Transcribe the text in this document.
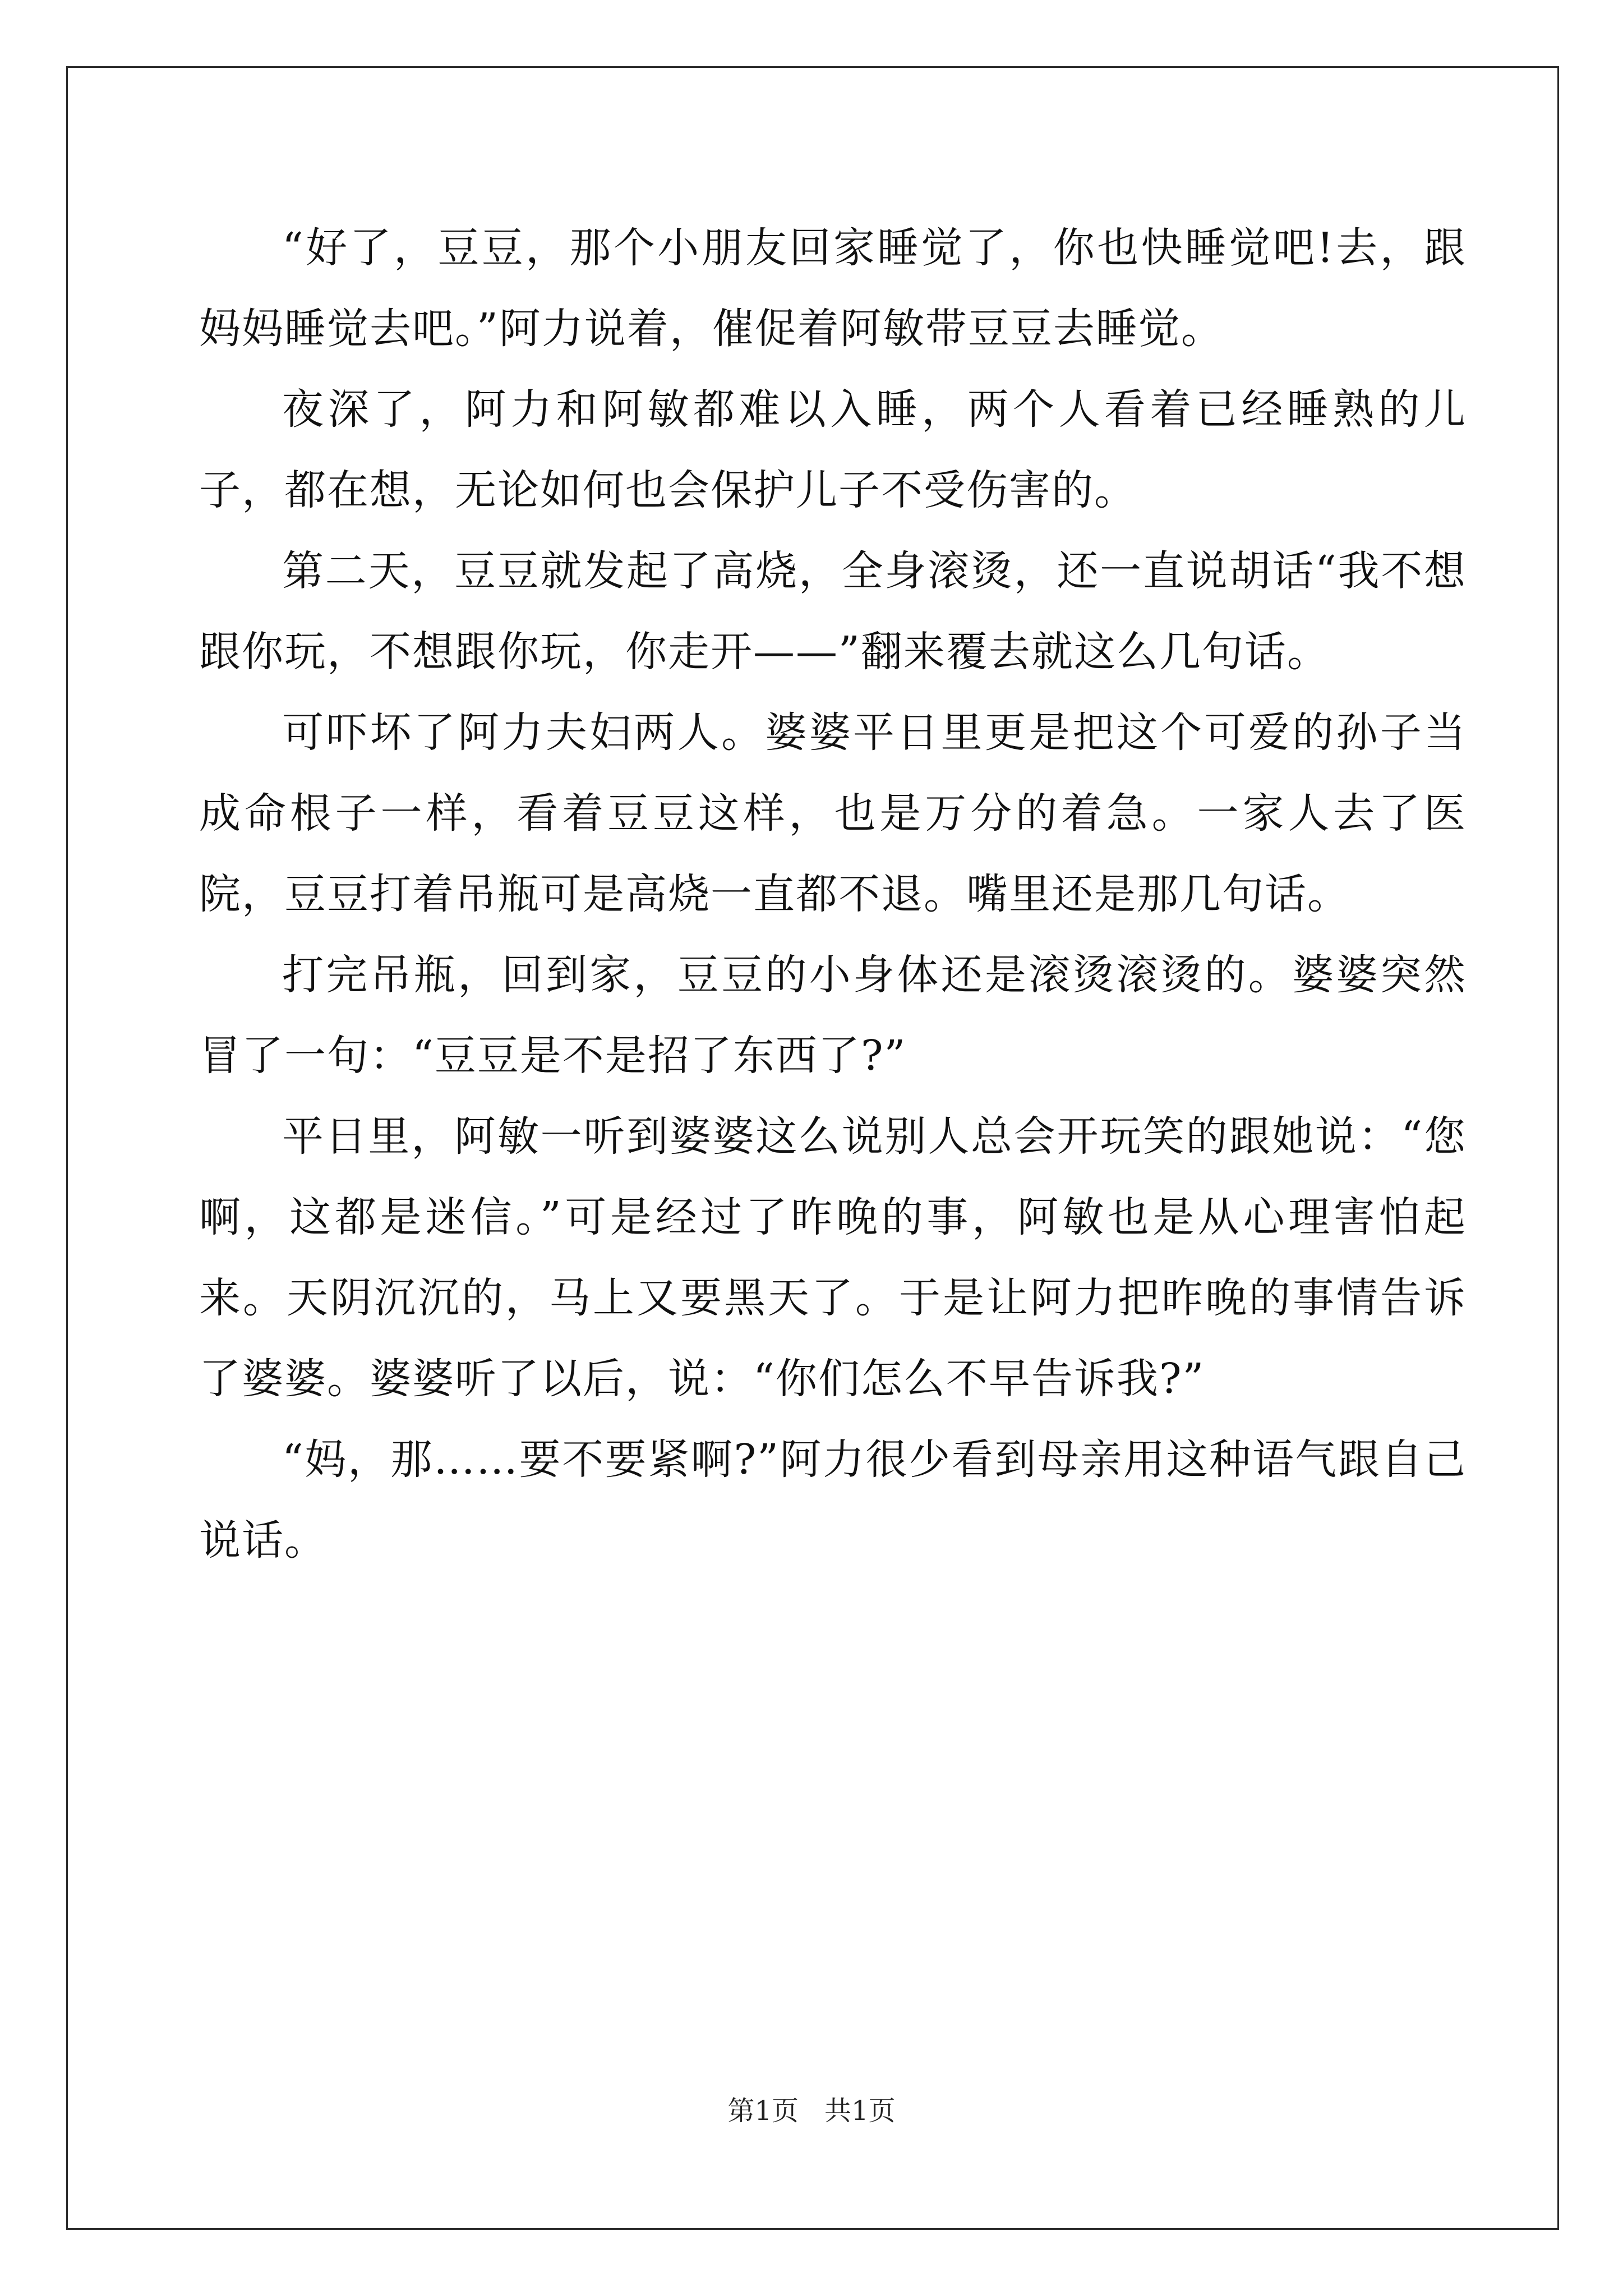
“好了，豆豆，那个小朋友回家睡觉了，你也快睡觉吧!去，跟妈妈睡觉去吧。”阿力说着，催促着阿敏带豆豆去睡觉。

夜深了，阿力和阿敏都难以入睡，两个人看着已经睡熟的儿子，都在想，无论如何也会保护儿子不受伤害的。

第二天，豆豆就发起了高烧，全身滚烫，还一直说胡话“我不想跟你玩，不想跟你玩，你走开——”翻来覆去就这么几句话。

可吓坏了阿力夫妇两人。婆婆平日里更是把这个可爱的孙子当成命根子一样，看着豆豆这样，也是万分的着急。一家人去了医院，豆豆打着吊瓶可是高烧一直都不退。嘴里还是那几句话。

打完吊瓶，回到家，豆豆的小身体还是滚烫滚烫的。婆婆突然冒了一句：“豆豆是不是招了东西了?”

平日里，阿敏一听到婆婆这么说别人总会开玩笑的跟她说：“您啊，这都是迷信。”可是经过了昨晚的事，阿敏也是从心理害怕起来。天阴沉沉的，马上又要黑天了。于是让阿力把昨晚的事情告诉了婆婆。婆婆听了以后，说：“你们怎么不早告诉我?”

“妈，那……要不要紧啊?”阿力很少看到母亲用这种语气跟自己说话。

第1页 共1页
